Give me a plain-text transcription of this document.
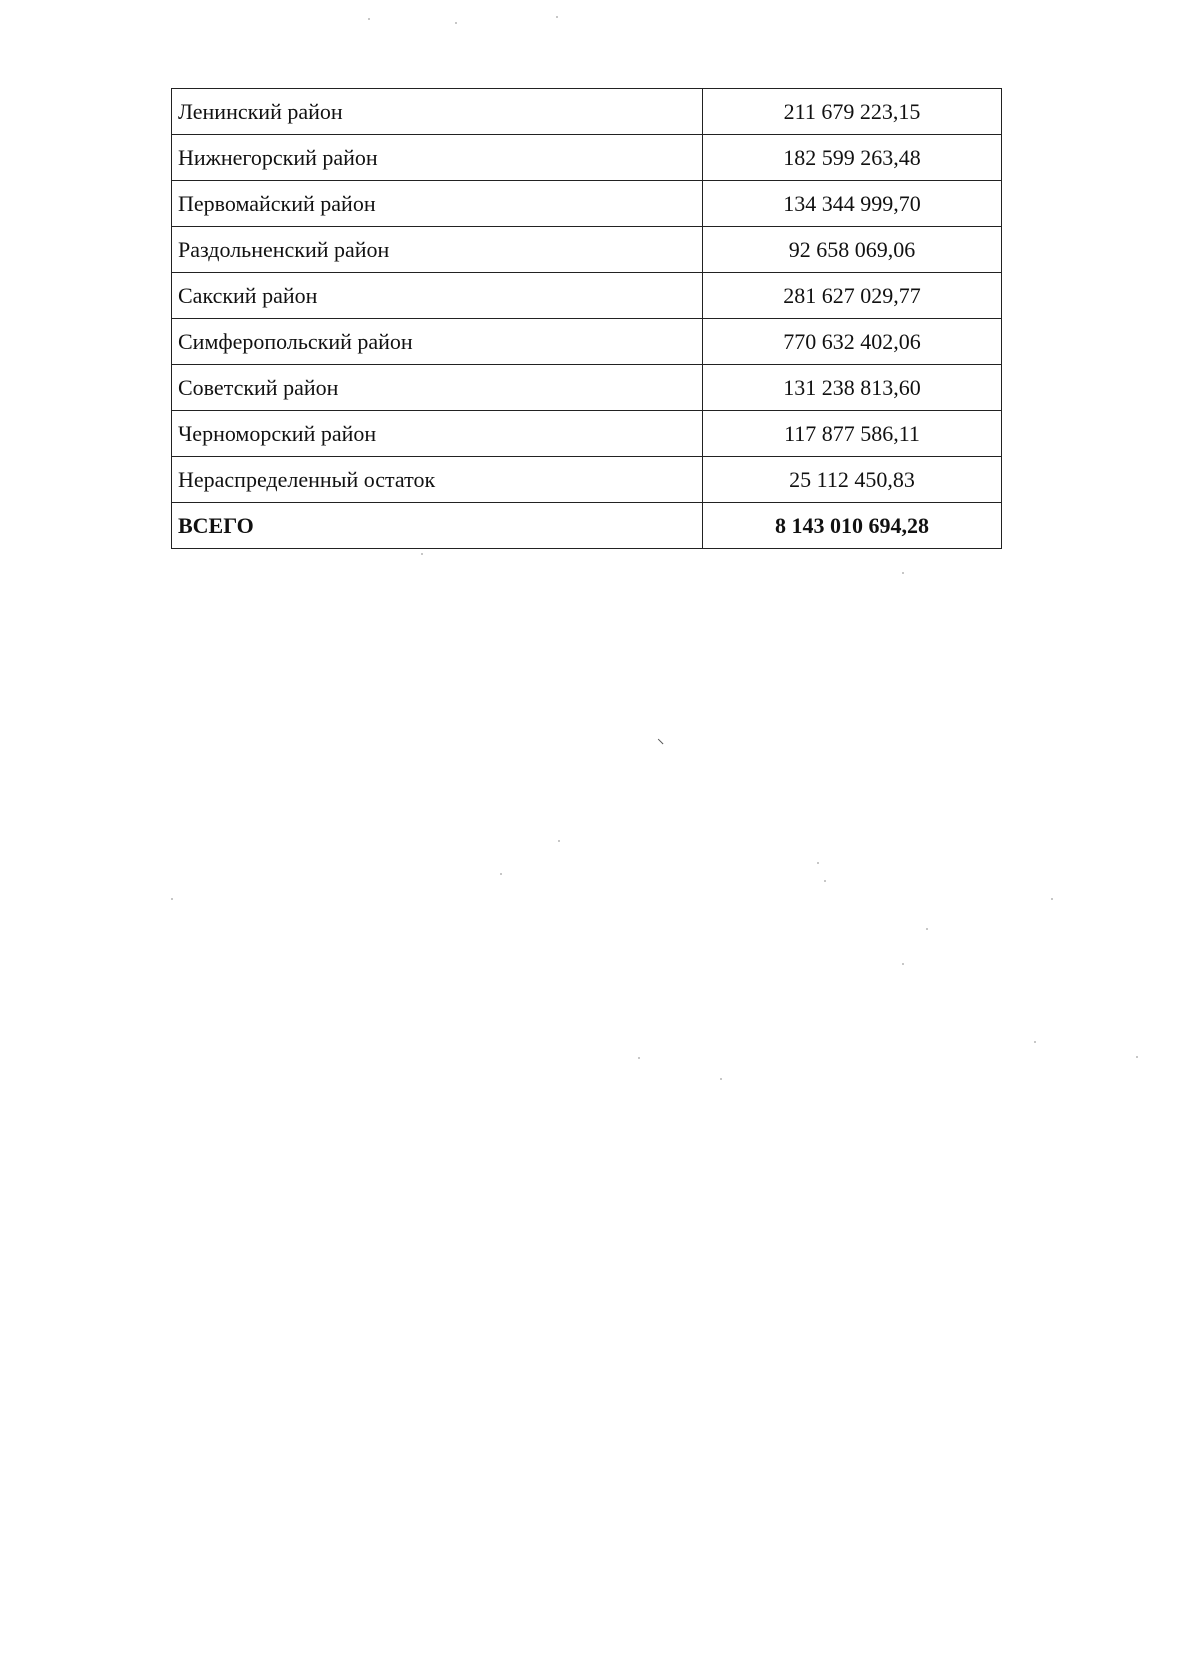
Ленинский район	211 679 223,15
Нижнегорский район	182 599 263,48
Первомайский район	134 344 999,70
Раздольненский район	92 658 069,06
Сакский район	281 627 029,77
Симферопольский район	770 632 402,06
Советский район	131 238 813,60
Черноморский район	117 877 586,11
Нераспределенный остаток	25 112 450,83
ВСЕГО	8 143 010 694,28
